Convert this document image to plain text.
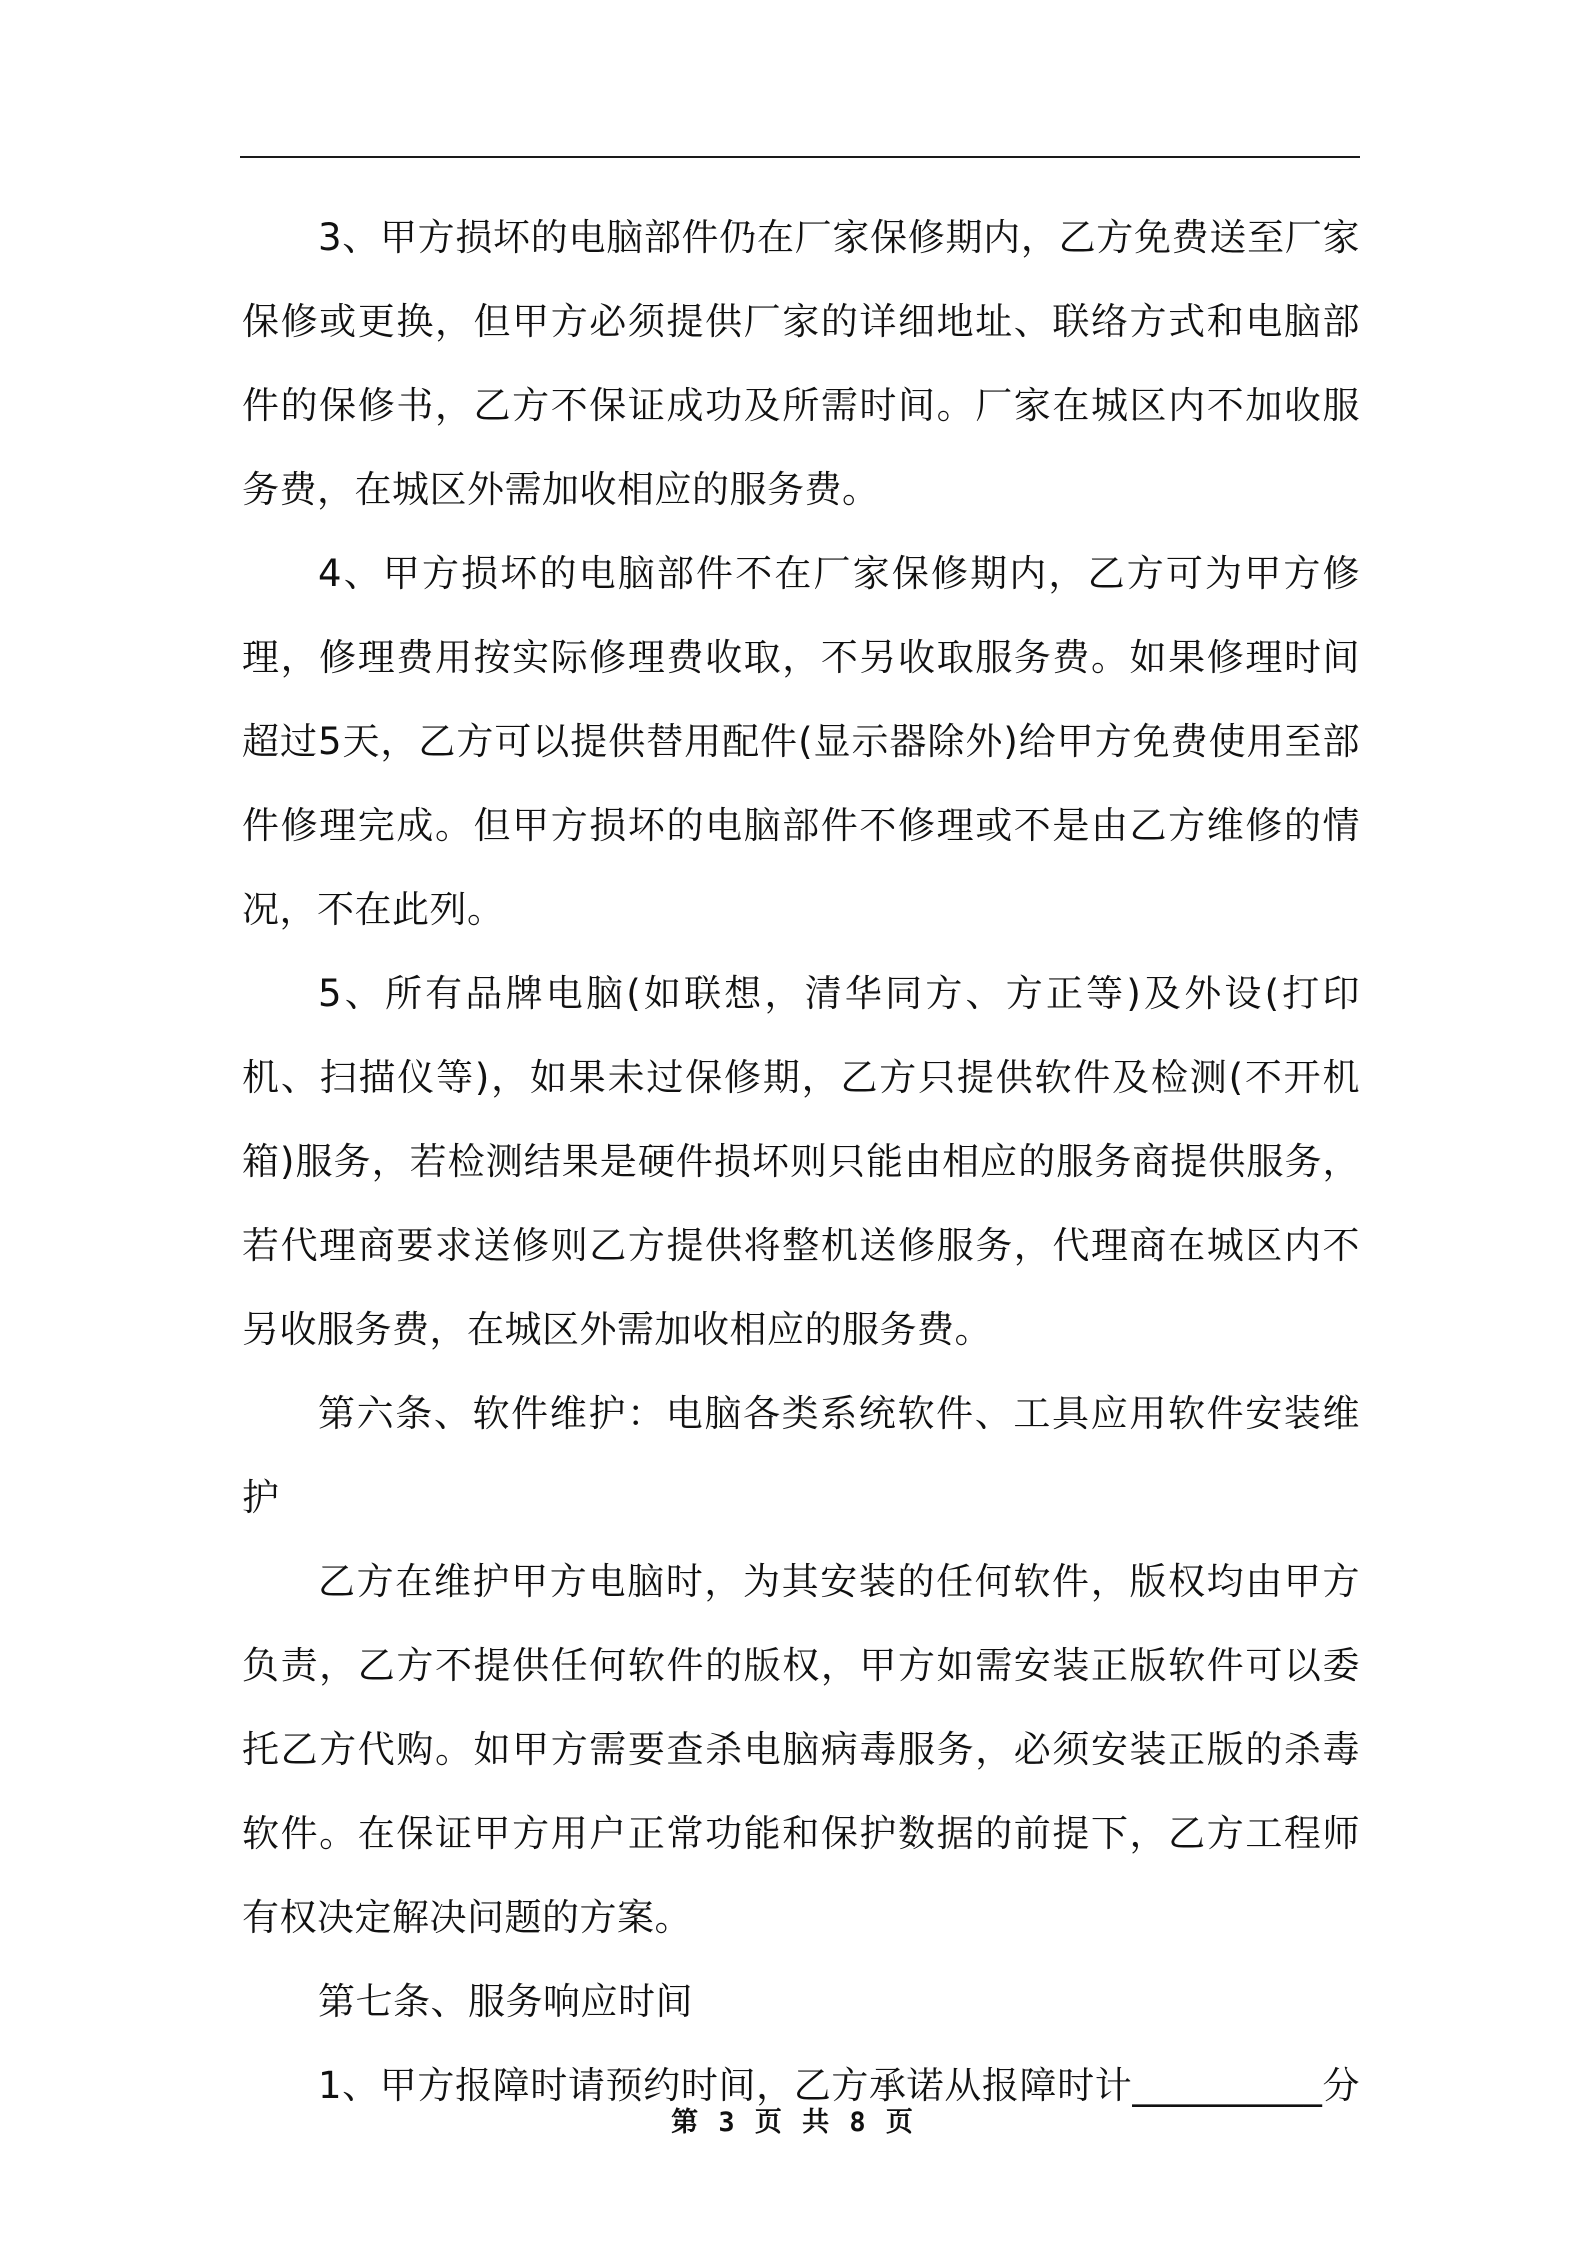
3、甲方损坏的电脑部件仍在厂家保修期内，乙方免费送至厂家保修或更换，但甲方必须提供厂家的详细地址、联络方式和电脑部件的保修书，乙方不保证成功及所需时间。厂家在城区内不加收服务费，在城区外需加收相应的服务费。

4、甲方损坏的电脑部件不在厂家保修期内，乙方可为甲方修理，修理费用按实际修理费收取，不另收取服务费。如果修理时间超过5天，乙方可以提供替用配件(显示器除外)给甲方免费使用至部件修理完成。但甲方损坏的电脑部件不修理或不是由乙方维修的情况，不在此列。

5、所有品牌电脑(如联想，清华同方、方正等)及外设(打印机、扫描仪等)，如果未过保修期，乙方只提供软件及检测(不开机箱)服务，若检测结果是硬件损坏则只能由相应的服务商提供服务，若代理商要求送修则乙方提供将整机送修服务，代理商在城区内不另收服务费，在城区外需加收相应的服务费。

第六条、软件维护：电脑各类系统软件、工具应用软件安装维护

乙方在维护甲方电脑时，为其安装的任何软件，版权均由甲方负责，乙方不提供任何软件的版权，甲方如需安装正版软件可以委托乙方代购。如甲方需要查杀电脑病毒服务，必须安装正版的杀毒软件。在保证甲方用户正常功能和保护数据的前提下，乙方工程师有权决定解决问题的方案。

第七条、服务响应时间

1、甲方报障时请预约时间，乙方承诺从报障时计__________分

第 3 页 共 8 页
